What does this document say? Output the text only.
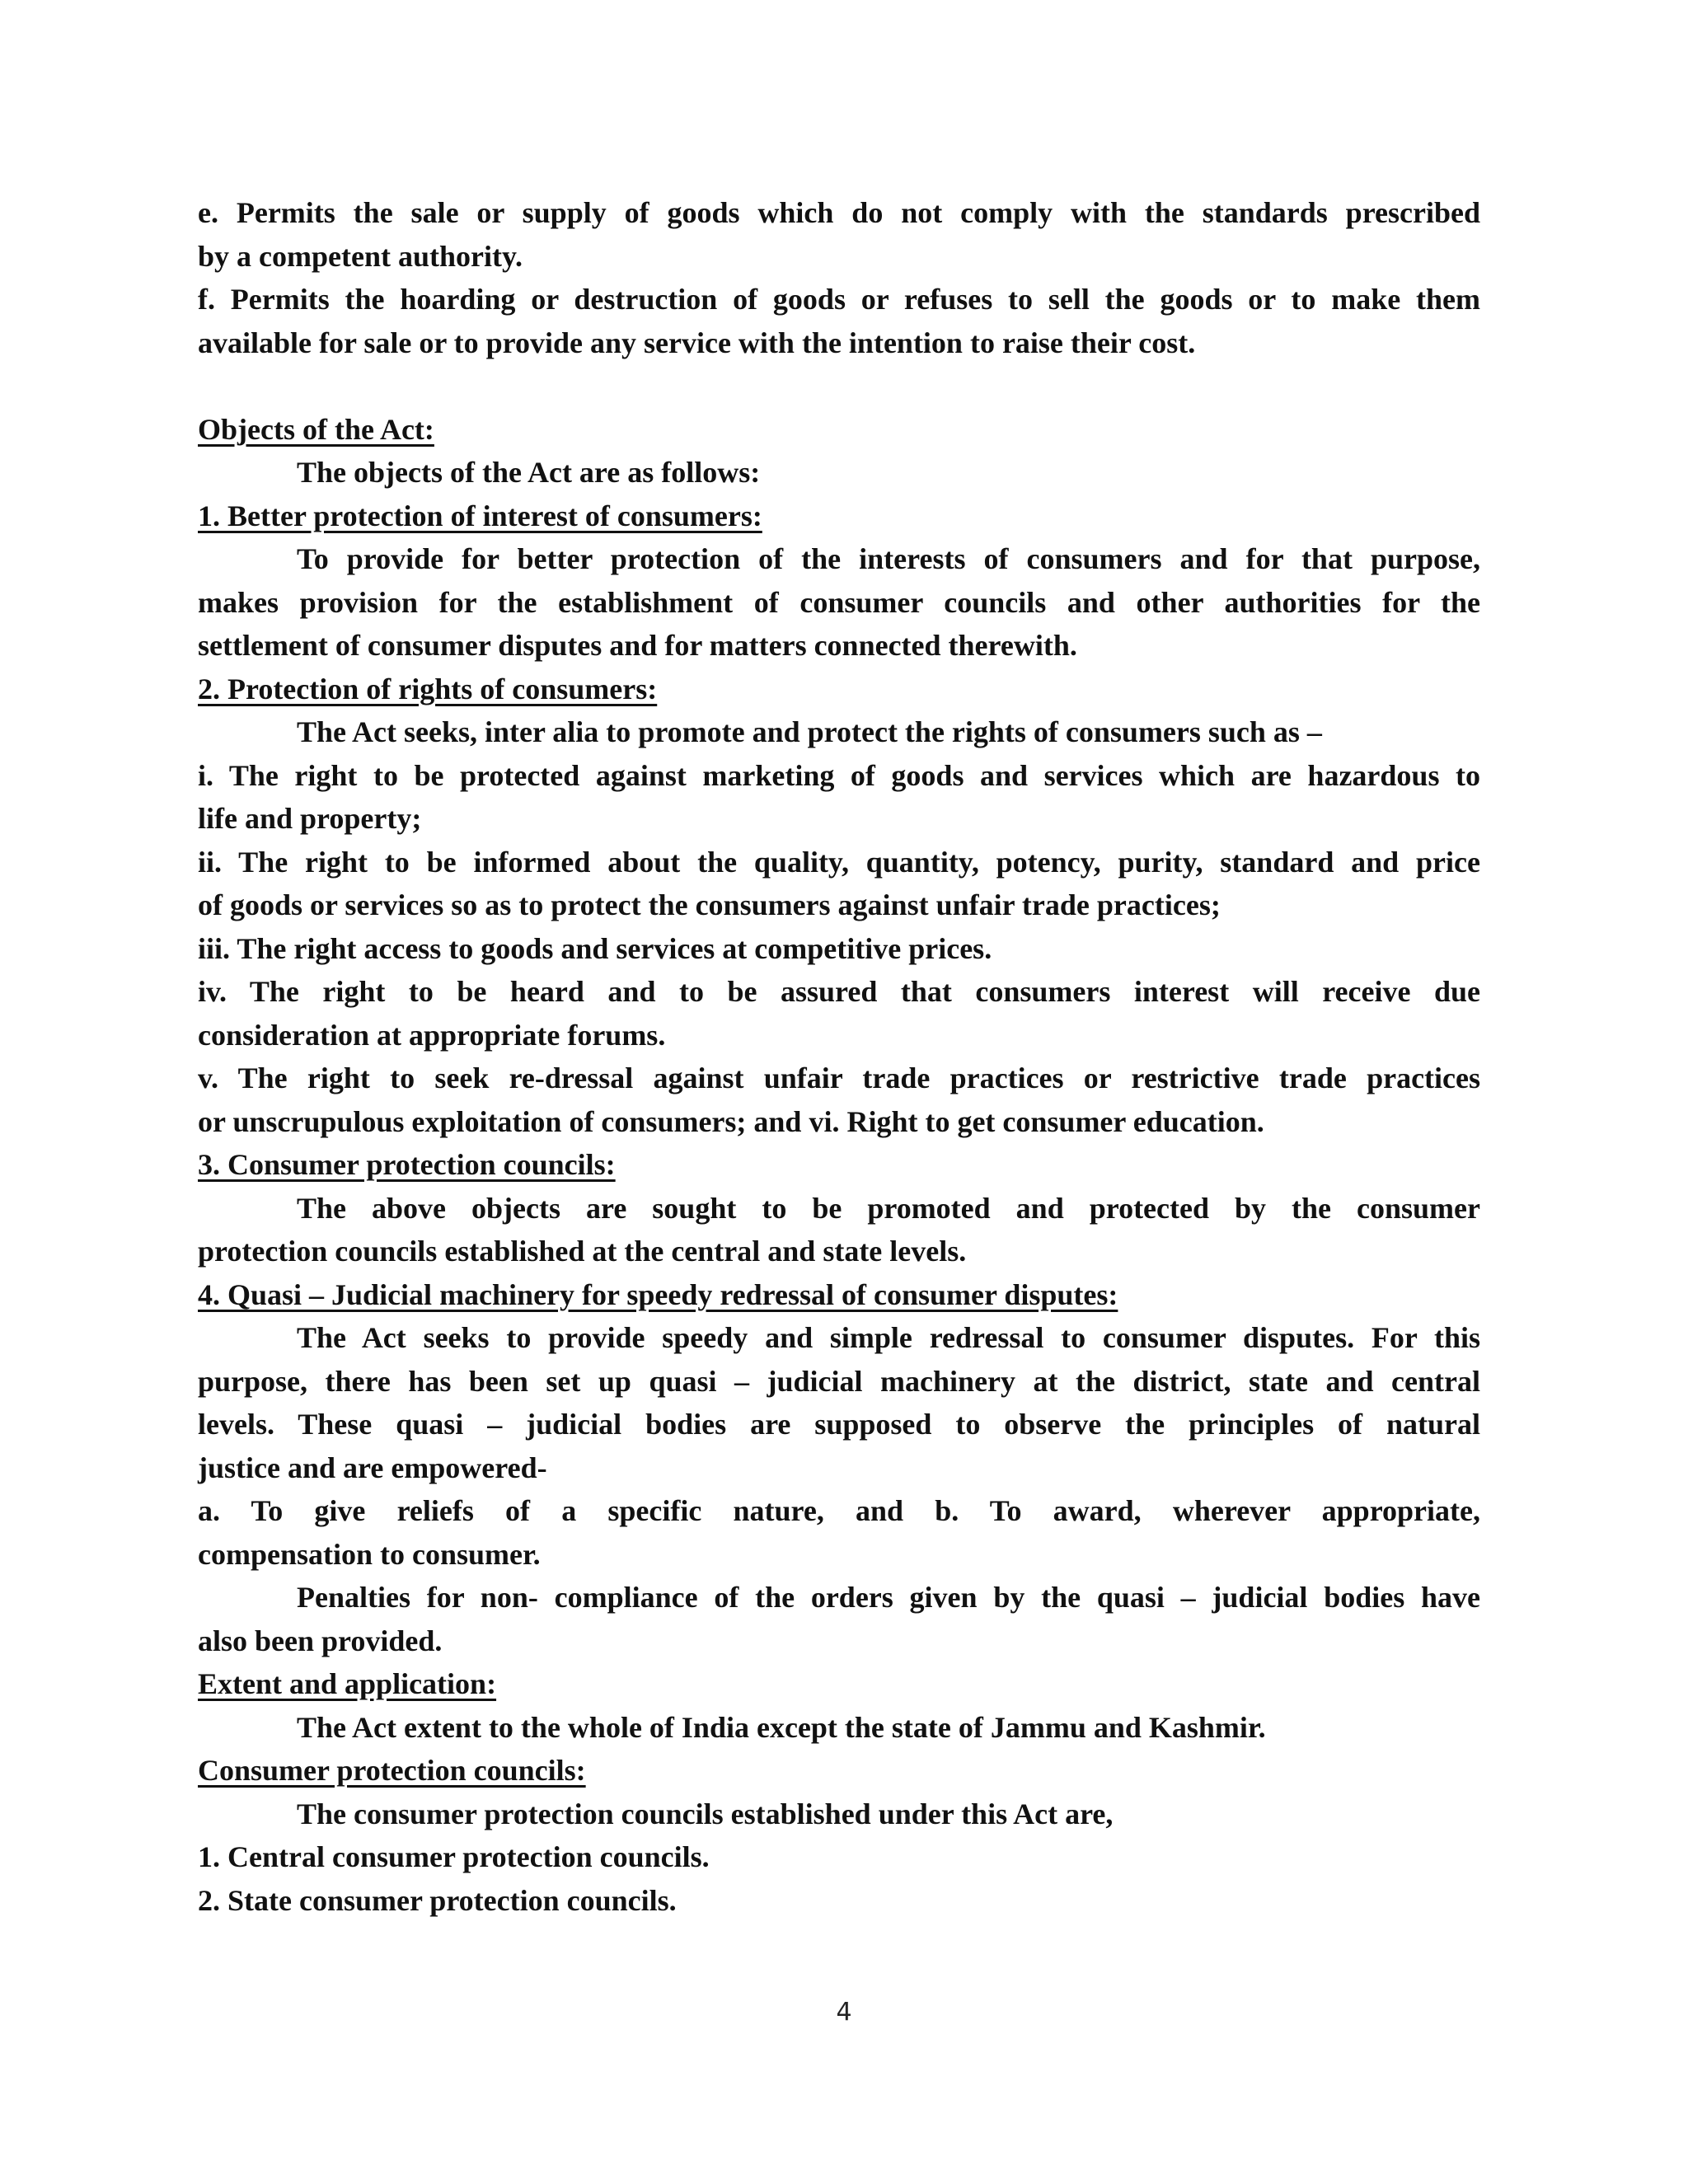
e. Permits the sale or supply of goods which do not comply with the standards prescribed
by a competent authority.
f. Permits the hoarding or destruction of goods or refuses to sell the goods or to make them
available for sale or to provide any service with the intention to raise their cost.
Objects of the Act:
The objects of the Act are as follows:
1. Better protection of interest of consumers:
To provide for better protection of the interests of consumers and for that purpose,
makes provision for the establishment of consumer councils and other authorities for the
settlement of consumer disputes and for matters connected therewith.
2. Protection of rights of consumers:
The Act seeks, inter alia to promote and protect the rights of consumers such as –
i. The right to be protected against marketing of goods and services which are hazardous to
life and property;
ii. The right to be informed about the quality, quantity, potency, purity, standard and price
of goods or services so as to protect the consumers against unfair trade practices;
iii. The right access to goods and services at competitive prices.
iv. The right to be heard and to be assured that consumers interest will receive due
consideration at appropriate forums.
v. The right to seek re-dressal against unfair trade practices or restrictive trade practices
or unscrupulous exploitation of consumers; and vi. Right to get consumer education.
3. Consumer protection councils:
The above objects are sought to be promoted and protected by the consumer
protection councils established at the central and state levels.
4. Quasi – Judicial machinery for speedy redressal of consumer disputes:
The Act seeks to provide speedy and simple redressal to consumer disputes. For this
purpose, there has been set up quasi – judicial machinery at the district, state and central
levels. These quasi – judicial bodies are supposed to observe the principles of natural
justice and are empowered-
a. To give reliefs of a specific nature, and b. To award, wherever appropriate,
compensation to consumer.
Penalties for non- compliance of the orders given by the quasi – judicial bodies have
also been provided.
Extent and application:
The Act extent to the whole of India except the state of Jammu and Kashmir.
Consumer protection councils:
The consumer protection councils established under this Act are,
1. Central consumer protection councils.
2. State consumer protection councils.
4
